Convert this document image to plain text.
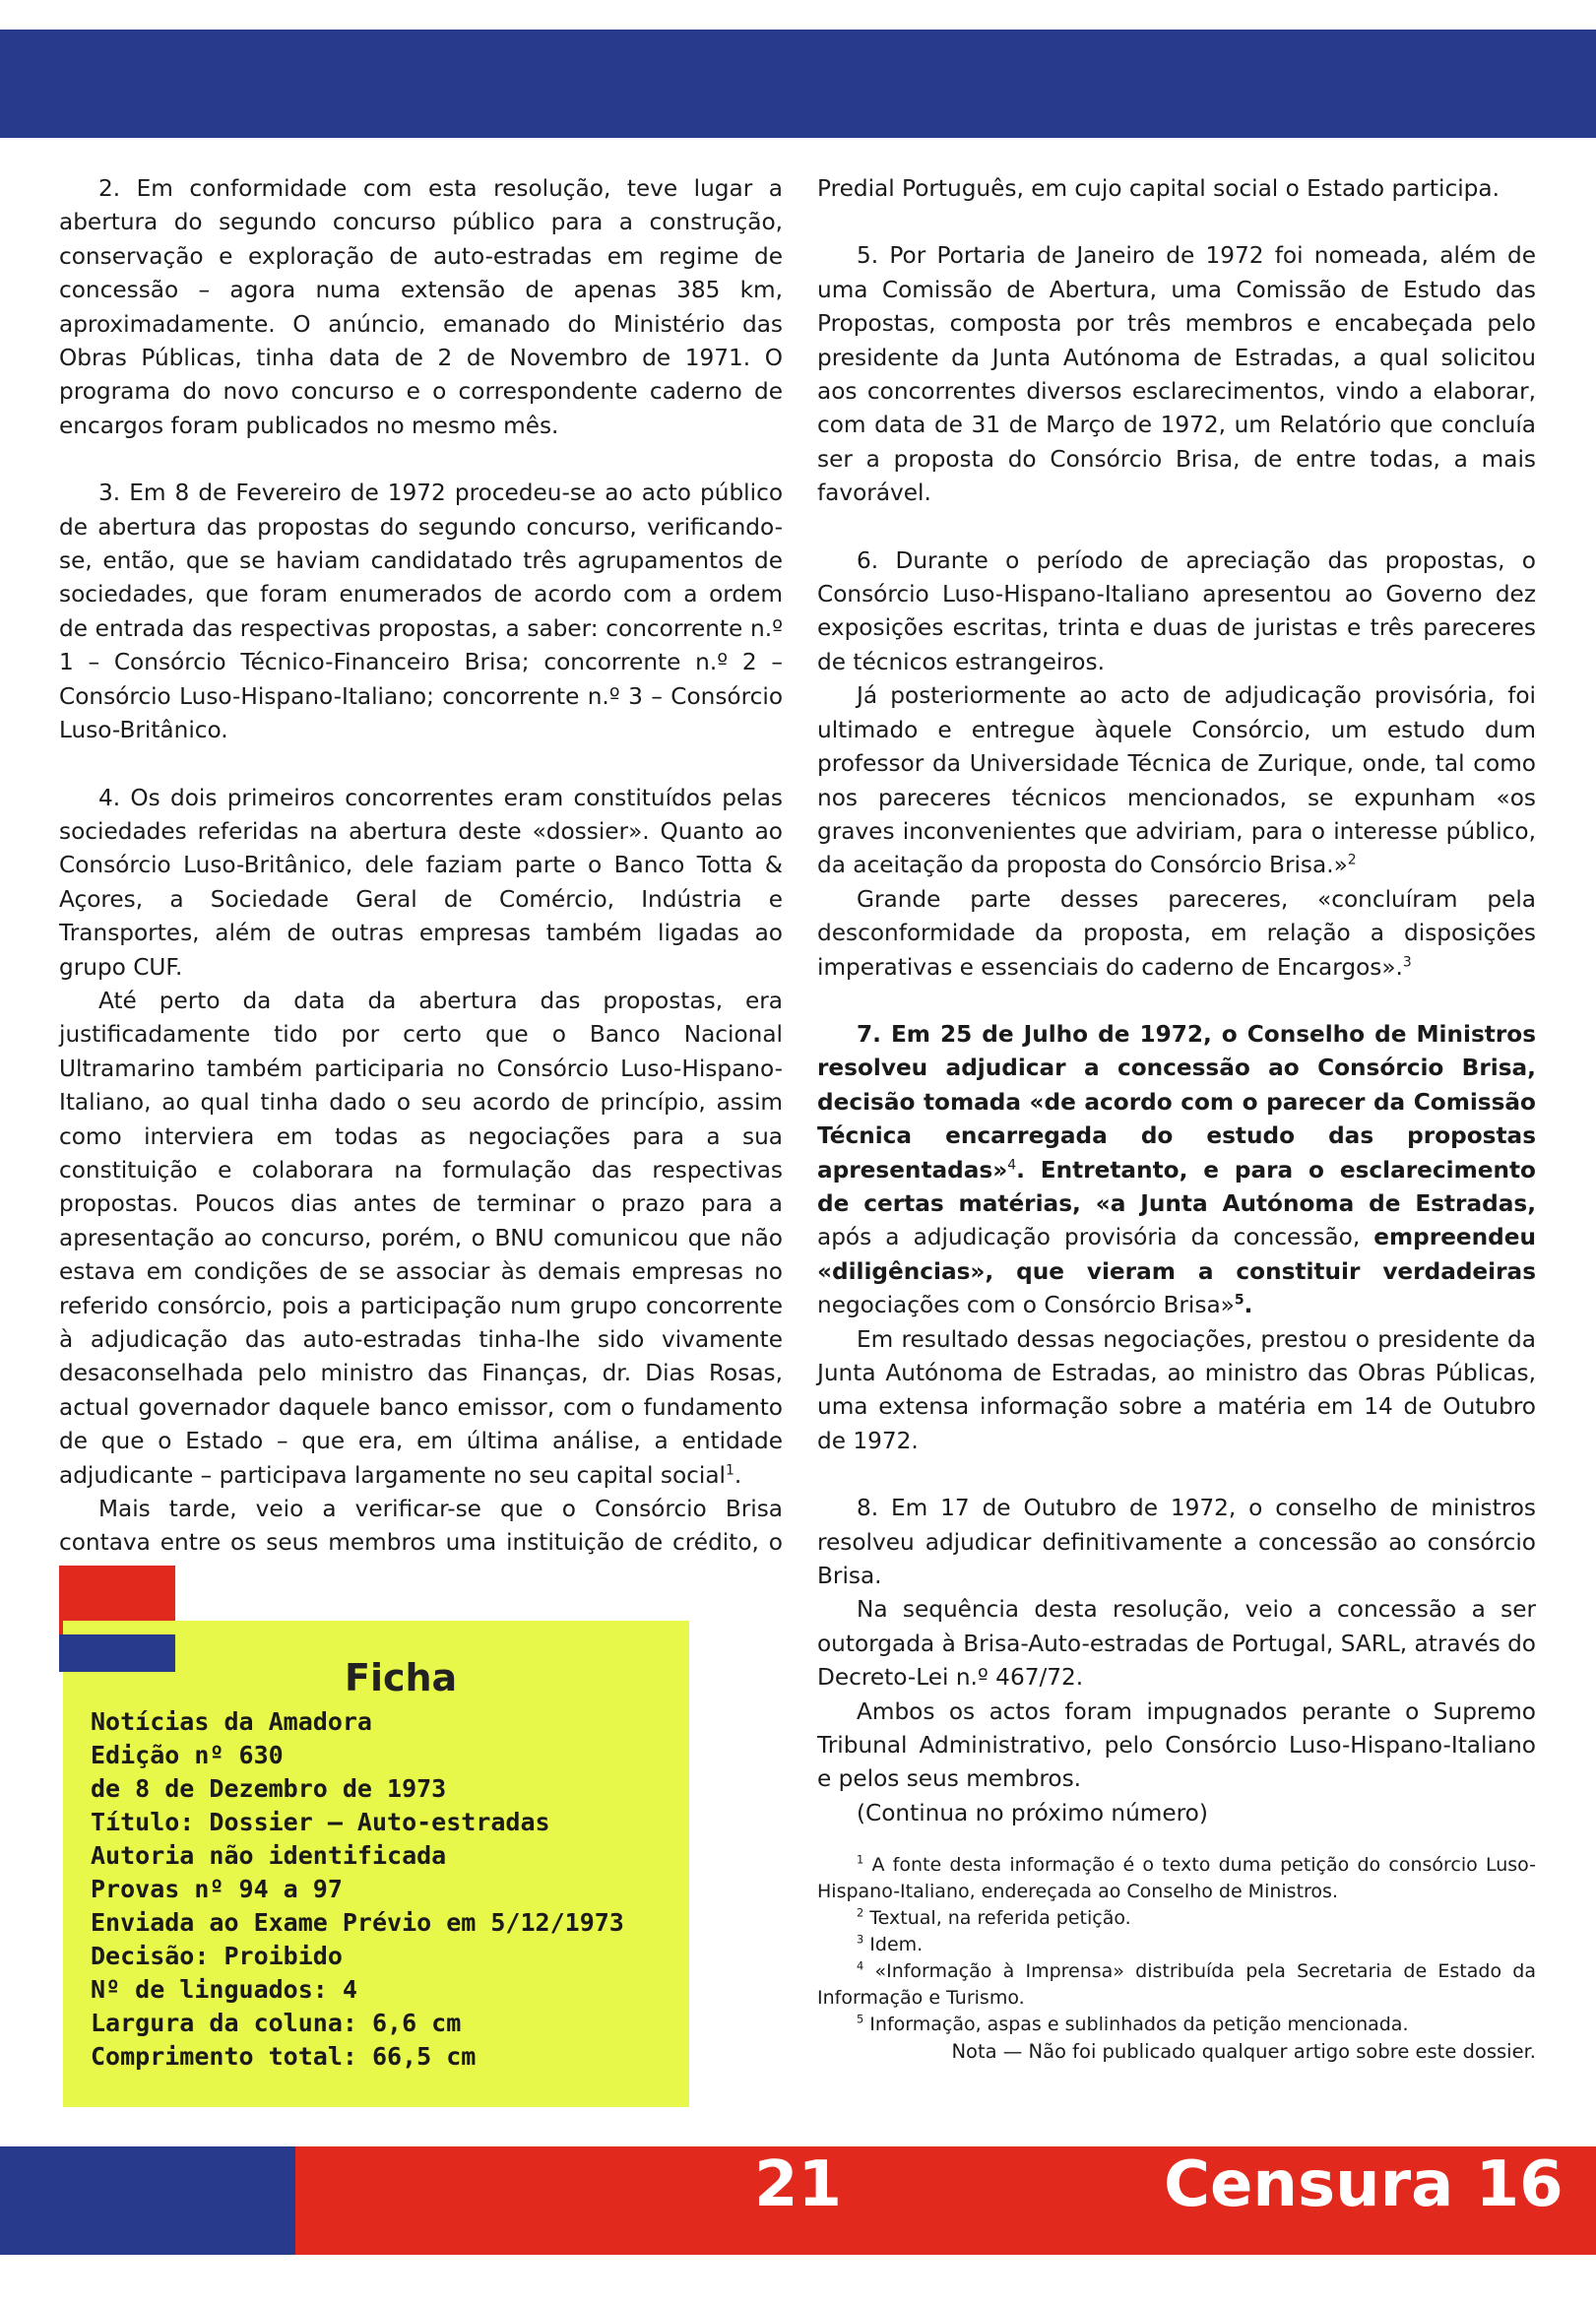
2. Em conformidade com esta resolução, teve lugar a abertura do segundo concurso público para a construção, conservação e exploração de auto-estradas em regime de concessão – agora numa extensão de apenas 385 km, aproximadamente. O anúncio, emanado do Ministério das Obras Públicas, tinha data de 2 de Novembro de 1971. O programa do novo concurso e o correspondente caderno de encargos foram publicados no mesmo mês.

3. Em 8 de Fevereiro de 1972 procedeu-se ao acto público de abertura das propostas do segundo concurso, verificando-se, então, que se haviam candidatado três agrupamentos de sociedades, que foram enumerados de acordo com a ordem de entrada das respectivas propostas, a saber: concorrente n.º 1 – Consórcio Técnico-Financeiro Brisa; concorrente n.º 2 – Consórcio Luso-Hispano-Italiano; concorrente n.º 3 – Consórcio Luso-Britânico.

4. Os dois primeiros concorrentes eram constituídos pelas sociedades referidas na abertura deste «dossier». Quanto ao Consórcio Luso-Britânico, dele faziam parte o Banco Totta & Açores, a Sociedade Geral de Comércio, Indústria e Transportes, além de outras empresas também ligadas ao grupo CUF.

Até perto da data da abertura das propostas, era justificadamente tido por certo que o Banco Nacional Ultramarino também participaria no Consórcio Luso-Hispano-Italiano, ao qual tinha dado o seu acordo de princípio, assim como interviera em todas as negociações para a sua constituição e colaborara na formulação das respectivas propostas. Poucos dias antes de terminar o prazo para a apresentação ao concurso, porém, o BNU comunicou que não estava em condições de se associar às demais empresas no referido consórcio, pois a participação num grupo concorrente à adjudicação das auto-estradas tinha-lhe sido vivamente desaconselhada pelo ministro das Finanças, dr. Dias Rosas, actual governador daquele banco emissor, com o fundamento de que o Estado – que era, em última análise, a entidade adjudicante – participava largamente no seu capital social$^1$.

Mais tarde, veio a verificar-se que o Consórcio Brisa contava entre os seus membros uma instituição de crédito, o

Ficha
Notícias da Amadora
Edição nº 630
de 8 de Dezembro de 1973
Título: Dossier — Auto-estradas
Autoria não identificada
Provas nº 94 a 97
Enviada ao Exame Prévio em 5/12/1973
Decisão: Proibido
Nº de linguados: 4
Largura da coluna: 6,6 cm
Comprimento total: 66,5 cm

Predial Português, em cujo capital social o Estado participa.

5. Por Portaria de Janeiro de 1972 foi nomeada, além de uma Comissão de Abertura, uma Comissão de Estudo das Propostas, composta por três membros e encabeçada pelo presidente da Junta Autónoma de Estradas, a qual solicitou aos concorrentes diversos esclarecimentos, vindo a elaborar, com data de 31 de Março de 1972, um Relatório que concluía ser a proposta do Consórcio Brisa, de entre todas, a mais favorável.

6. Durante o período de apreciação das propostas, o Consórcio Luso-Hispano-Italiano apresentou ao Governo dez exposições escritas, trinta e duas de juristas e três pareceres de técnicos estrangeiros.

Já posteriormente ao acto de adjudicação provisória, foi ultimado e entregue àquele Consórcio, um estudo dum professor da Universidade Técnica de Zurique, onde, tal como nos pareceres técnicos mencionados, se expunham «os graves inconvenientes que adviriam, para o interesse público, da aceitação da proposta do Consórcio Brisa.»$^2$

Grande parte desses pareceres, «concluíram pela desconformidade da proposta, em relação a disposições imperativas e essenciais do caderno de Encargos».$^3$

7. Em 25 de Julho de 1972, o Conselho de Ministros resolveu adjudicar a concessão ao Consórcio Brisa, decisão tomada «de acordo com o parecer da Comissão Técnica encarregada do estudo das propostas apresentadas»$^4$. Entretanto, e para o esclarecimento de certas matérias, «a Junta Autónoma de Estradas, após a adjudicação provisória da concessão, empreendeu «diligências», que vieram a constituir verdadeiras negociações com o Consórcio Brisa»$^5$.

Em resultado dessas negociações, prestou o presidente da Junta Autónoma de Estradas, ao ministro das Obras Públicas, uma extensa informação sobre a matéria em 14 de Outubro de 1972.

8. Em 17 de Outubro de 1972, o conselho de ministros resolveu adjudicar definitivamente a concessão ao consórcio Brisa.

Na sequência desta resolução, veio a concessão a ser outorgada à Brisa-Auto-estradas de Portugal, SARL, através do Decreto-Lei n.º 467/72.

Ambos os actos foram impugnados perante o Supremo Tribunal Administrativo, pelo Consórcio Luso-Hispano-Italiano e pelos seus membros.

(Continua no próximo número)

$^1$ A fonte desta informação é o texto duma petição do consórcio Luso-Hispano-Italiano, endereçada ao Conselho de Ministros.

$^2$ Textual, na referida petição.

$^3$ Idem.

$^4$ «Informação à Imprensa» distribuída pela Secretaria de Estado da Informação e Turismo.

$^5$ Informação, aspas e sublinhados da petição mencionada.

Nota — Não foi publicado qualquer artigo sobre este dossier.

21	Censura 16
